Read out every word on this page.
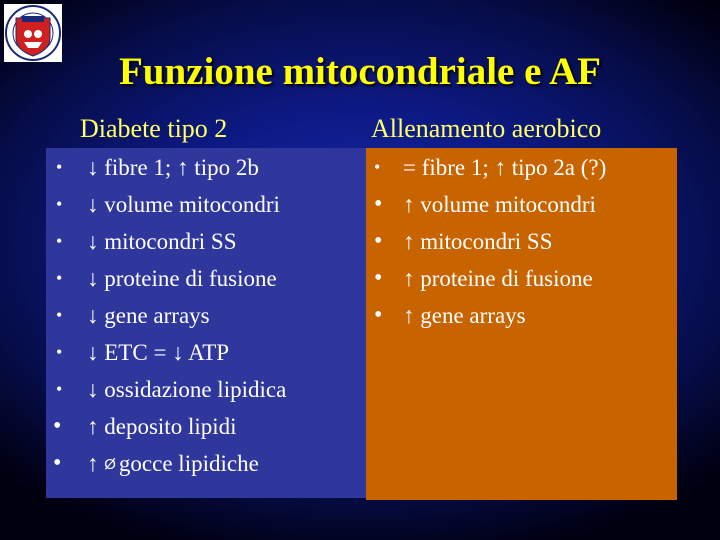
Funzione mitocondriale e AF
Diabete tipo 2	Allenamento aerobico
• ↓ fibre 1; ↑ tipo 2b
• ↓ volume mitocondri
• ↓ mitocondri SS
• ↓ proteine di fusione
• ↓ gene arrays
• ↓ ETC = ↓ ATP
• ↓ ossidazione lipidica
• ↑ deposito lipidi
• ↑ Ø gocce lipidiche
• = fibre 1; ↑ tipo 2a (?)
• ↑ volume mitocondri
• ↑ mitocondri SS
• ↑ proteine di fusione
• ↑ gene arrays
